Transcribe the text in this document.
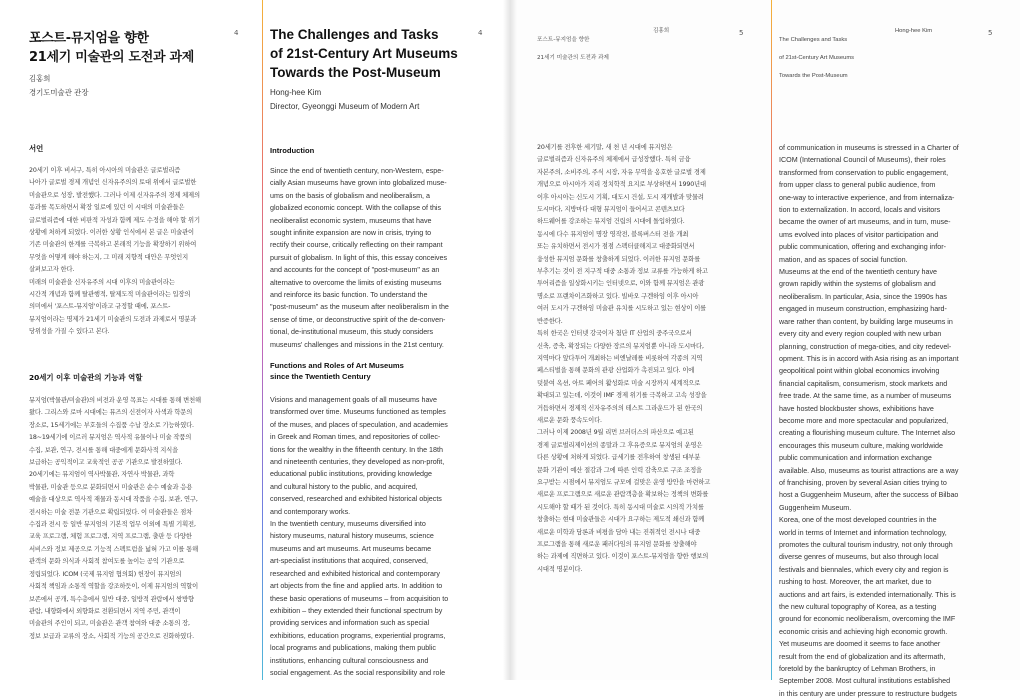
포스트-뮤지엄을 향한
21세기 미술관의 도전과 과제
4
김홍희
경기도미술관 관장
서언
20세기 이후 비서구, 특히 아시아의 미술관은 글로벌리즘
나아가 글로벌 경제 개념인 신자유주의의 토대 위에서 글로벌한
미술관으로 성장, 발전했다. 그러나 이제 신자유주의 경제 체제의
동과를 목도하면서 확장 일로에 있던 이 시대의 미술관들은
글로벌리즘에 대한 비판적 자성과 함께 제도 수정을 해야 할 위기
상황에 처하게 되었다. 이러한 상황 인식에서 본 글은 미술관이
기존 미술관의 한계를 극복하고 본래적 기능을 확장하기 위하여
무엇을 어떻게 해야 하는지, 그 미래 지향적 대안은 무엇인지
살펴보고자 한다.
미래의 미술관을 신자유주의 시대 이후의 미술관이라는
시간적 개념과 함께 탈관행적, 탈제도적 미술관이라는 입장의
의미에서 '포스트-뮤지엄'이라고 규정할 때에, 포스트-
뮤지엄이라는 명제가 21세기 미술관의 도전과 과제로서 명분과
당위성을 가질 수 있다고 본다.
20세기 이후 미술관의 기능과 역할
뮤지엄(박물관/미술관)의 비전과 운영 목표는 시대를 통해 변천해
왔다. 그리스와 로마 시대에는 뮤즈의 신전이자 사색과 학문의
장소로, 15세기에는 부호들의 수집품 수납 장소로 기능하였다.
18~19세기에 이르러 뮤지엄은 역사적 유물이나 미술 작품의
수집, 보관, 연구, 전시를 통해 대중에게 문화사적 지식을
보급하는 공익적이고 교육적인 공공 기관으로 발전하였다.
20세기에는 뮤지엄이 역사박물관, 자연사 박물관, 과학
박물관, 미술관 등으로 분화되면서 미술관은 순수 예술과 응용
예술을 대상으로 역사적 재물과 동시대 작품을 수집, 보관, 연구,
전시하는 미술 전문 기관으로 확립되었다. 이 미술관들은 점차
수집과 전시 등 일반 뮤지엄의 기본적 업무 이외에 특별 기획전,
교육 프로그램, 체험 프로그램, 지역 프로그램, 출판 등 다양한
서비스와 정보 제공으로 기능적 스펙트럼을 넓혀 가고 이를 통해
관객의 문화 의식과 사회적 참여도를 높이는 공익 기관으로
정립되었다. ICOM (국제 뮤지엄 협의회) 헌장이 뮤지엄의
사회적 책임과 소통적 역할을 강조하듯이, 이제 뮤지엄의 역할이
보존에서 공개, 특수층에서 일반 대중, 일방적 관람에서 쌍방향
관람, 내향화에서 외향화로 전환되면서 지역 주민, 관객이
미술관의 주인이 되고, 미술관은 관객 참여와 대중 소통의 장,
정보 보급과 교류의 장소, 사회적 기능의 공간으로 진화하였다.
The Challenges and Tasks
of 21st-Century Art Museums
Towards the Post-Museum
4
Hong-hee Kim
Director, Gyeonggi Museum of Modern Art
Introduction
Since the end of twentieth century, non-Western, espe-
cially Asian museums have grown into globalized muse-
ums on the basis of globalism and neoliberalism, a
globalized economic concept. With the collapse of this
neoliberalist economic system, museums that have
sought infinite expansion are now in crisis, trying to
rectify their course, critically reflecting on their rampant
pursuit of globalism. In light of this, this essay conceives
and accounts for the concept of "post-museum" as an
alternative to overcome the limits of existing museums
and reinforce its basic function. To understand the
"post-museum" as the museum after neoliberalism in the
sense of time, or deconstructive spirit of the de-conven-
tional, de-institutional museum, this study considers
museums' challenges and missions in the 21st century.
Functions and Roles of Art Museums
since the Twentieth Century
Visions and management goals of all museums have
transformed over time. Museums functioned as temples
of the muses, and places of speculation, and academies
in Greek and Roman times, and repositories of collec-
tions for the wealthy in the fifteenth century. In the 18th
and nineteenth centuries, they developed as non-profit,
educational public institutions, providing knowledge
and cultural history to the public, and acquired,
conserved, researched and exhibited historical objects
and contemporary works.
In the twentieth century, museums diversified into
history museums, natural history museums, science
museums and art museums. Art museums became
art-specialist institutions that acquired, conserved,
researched and exhibited historical and contemporary
art objects from the fine and applied arts. In addition to
these basic operations of museums – from acquisition to
exhibition – they extended their functional spectrum by
providing services and information such as special
exhibitions, education programs, experiential programs,
local programs and publications, making them public
institutions, enhancing cultural consciousness and
social engagement. As the social responsibility and role

포스트-뮤지엄을 향한

21세기 미술관의 도전과 과제

김홍희	5
20세기를 전후한 세기말, 새 천 년 시대에 뮤지엄은
글로벌리즘과 신자유주의 체제에서 급성장했다. 특히 금융
자본주의, 소비주의, 주식 시장, 자유 무역을 옹호한 글로벌 경제
개념으로 아시아가 지리 정치학적 요지로 부상하면서 1990년대
이후 아시아는 신도시 기획, 대도시 건설, 도시 재개발과 맞물려
도시마다, 지방마다 대형 뮤지엄이 들어서고 콘텐츠보다
하드웨어를 강조하는 뮤지엄 건립의 시대에 돌입하였다.
동시에 다수 뮤지엄이 명장 영작전, 블록버스터 전을 개최
또는 유치하면서 전시가 점점 스펙터클해지고 대중화되면서
융성한 뮤지엄 문화를 창출하게 되었다. 이러한 뮤지엄 문화를
부추기는 것이 전 지구적 대중 소통과 정보 교류를 가능하게 하고
투어리즘을 일상화시키는 인터넷으로, 이와 함께 뮤지엄은 관광
명소로 프랜차이즈화하고 있다. 빌바오 구겐하임 이후 아시아
여러 도시가 구겐하임 미술관 유치를 시도하고 있는 현상이 이를
반증한다.
특히 한국은 인터넷 강국이자 첨단 IT 산업의 중주국으로서
신축, 증축, 확장되는 다양한 장르의 뮤지엄뿐 아니라 도시마다,
지역마다 앞다투어 개최하는 비엔날레를 비롯하여 각종의 지역
페스티벌을 통해 문화의 관광 산업화가 촉진되고 있다. 이에
덧붙여 옥션, 아트 페어의 활성화로 미술 시장까지 세계적으로
확대되고 있는데, 이것이 IMF 경제 위기를 극복하고 고속 성장을
거듭하면서 경제적 신자유주의의 테스트 그라운드가 된 한국의
새로운 문화 풍속도이다.
그러나 이제 2008년 9월 리먼 브러더스의 파산으로 예고된
경제 글로벌리제이션의 종말과 그 후유증으로 뮤지엄의 운영은
다른 상황에 처하게 되었다. 급세기를 전후하여 창생된 대부분
문화 기관이 예산 절감과 그에 따른 인력 감축으로 구조 조정을
요구받는 시점에서 뮤지엄도 규모에 걸맞은 운영 방안을 마련하고
새로운 프로그램으로 새로운 관람객층을 확보하는 정책의 변화를
시도해야 할 때가 된 것이다. 특히 동시대 미술로 시의적 가치를
창출하는 현대 미술관들은 시대가 요구하는 제도적 쇄신과 함께
새로운 미학과 담론과 비평을 담아 내는 진취적인 전시나 대중
프로그램을 통해 새로운 패러다임의 뮤지엄 문화를 창출해야
하는 과제에 직면하고 있다. 이것이 포스트-뮤지엄을 향한 행보의
시대적 명분이다.

The Challenges and Tasks

of 21st-Century Art Museums

Towards the Post-Museum

Hong-hee Kim	5
of communication in museums is stressed in a Charter of
ICOM (International Council of Museums), their roles
transformed from conservation to public engagement,
from upper class to general public audience, from
one-way to interactive experience, and from internaliza-
tion to externalization. In accord, locals and visitors
became the owner of art museums, and in turn, muse-
ums evolved into places of visitor participation and
public communication, offering and exchanging infor-
mation, and as spaces of social function.
Museums at the end of the twentieth century have
grown rapidly within the systems of globalism and
neoliberalism. In particular, Asia, since the 1990s has
engaged in museum construction, emphasizing hard-
ware rather than content, by building large museums in
every city and every region coupled with new urban
planning, construction of mega-cities, and city redevel-
opment. This is in accord with Asia rising as an important
geopolitical point within global economics involving
financial capitalism, consumerism, stock markets and
free trade. At the same time, as a number of museums
have hosted blockbuster shows, exhibitions have
become more and more spectacular and popularized,
creating a flourishing museum culture. The Internet also
encourages this museum culture, making worldwide
public communication and information exchange
available. Also, museums as tourist attractions are a way
of franchising, proven by several Asian cities trying to
host a Guggenheim Museum, after the success of Bilbao
Guggenheim Museum.
Korea, one of the most developed countries in the
world in terms of Internet and information technology,
promotes the cultural tourism industry, not only through
diverse genres of museums, but also through local
festivals and biennales, which every city and region is
rushing to host. Moreover, the art market, due to
auctions and art fairs, is extended internationally. This is
the new cultural topography of Korea, as a testing
ground for economic neoliberalism, overcoming the IMF
economic crisis and achieving high economic growth.
Yet museums are doomed it seems to face another
result from the end of globalization and its aftermath,
foretold by the bankruptcy of Lehman Brothers, in
September 2008. Most cultural institutions established
in this century are under pressure to restructure budgets
